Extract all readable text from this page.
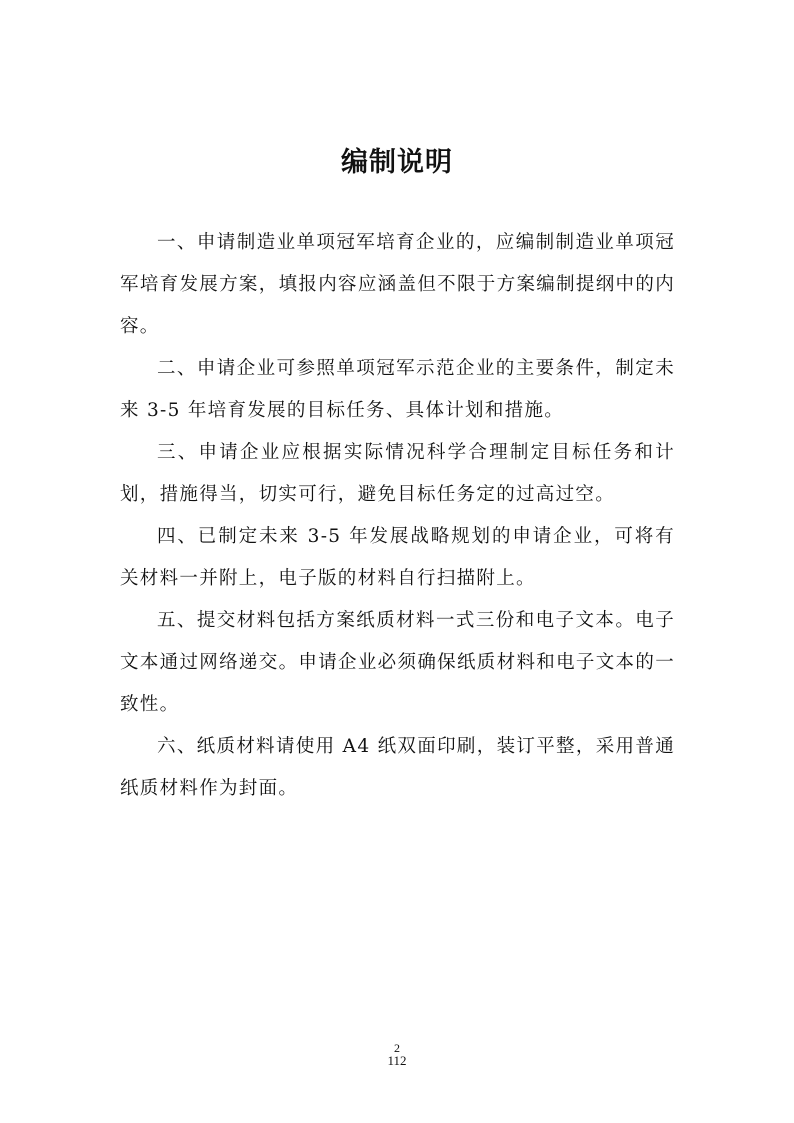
编制说明

一、申请制造业单项冠军培育企业的，应编制制造业单项冠军培育发展方案，填报内容应涵盖但不限于方案编制提纲中的内容。

二、申请企业可参照单项冠军示范企业的主要条件，制定未来 3-5 年培育发展的目标任务、具体计划和措施。

三、申请企业应根据实际情况科学合理制定目标任务和计划，措施得当，切实可行，避免目标任务定的过高过空。

四、已制定未来 3-5 年发展战略规划的申请企业，可将有关材料一并附上，电子版的材料自行扫描附上。

五、提交材料包括方案纸质材料一式三份和电子文本。电子文本通过网络递交。申请企业必须确保纸质材料和电子文本的一致性。

六、纸质材料请使用 A4 纸双面印刷，装订平整，采用普通纸质材料作为封面。

2

112
